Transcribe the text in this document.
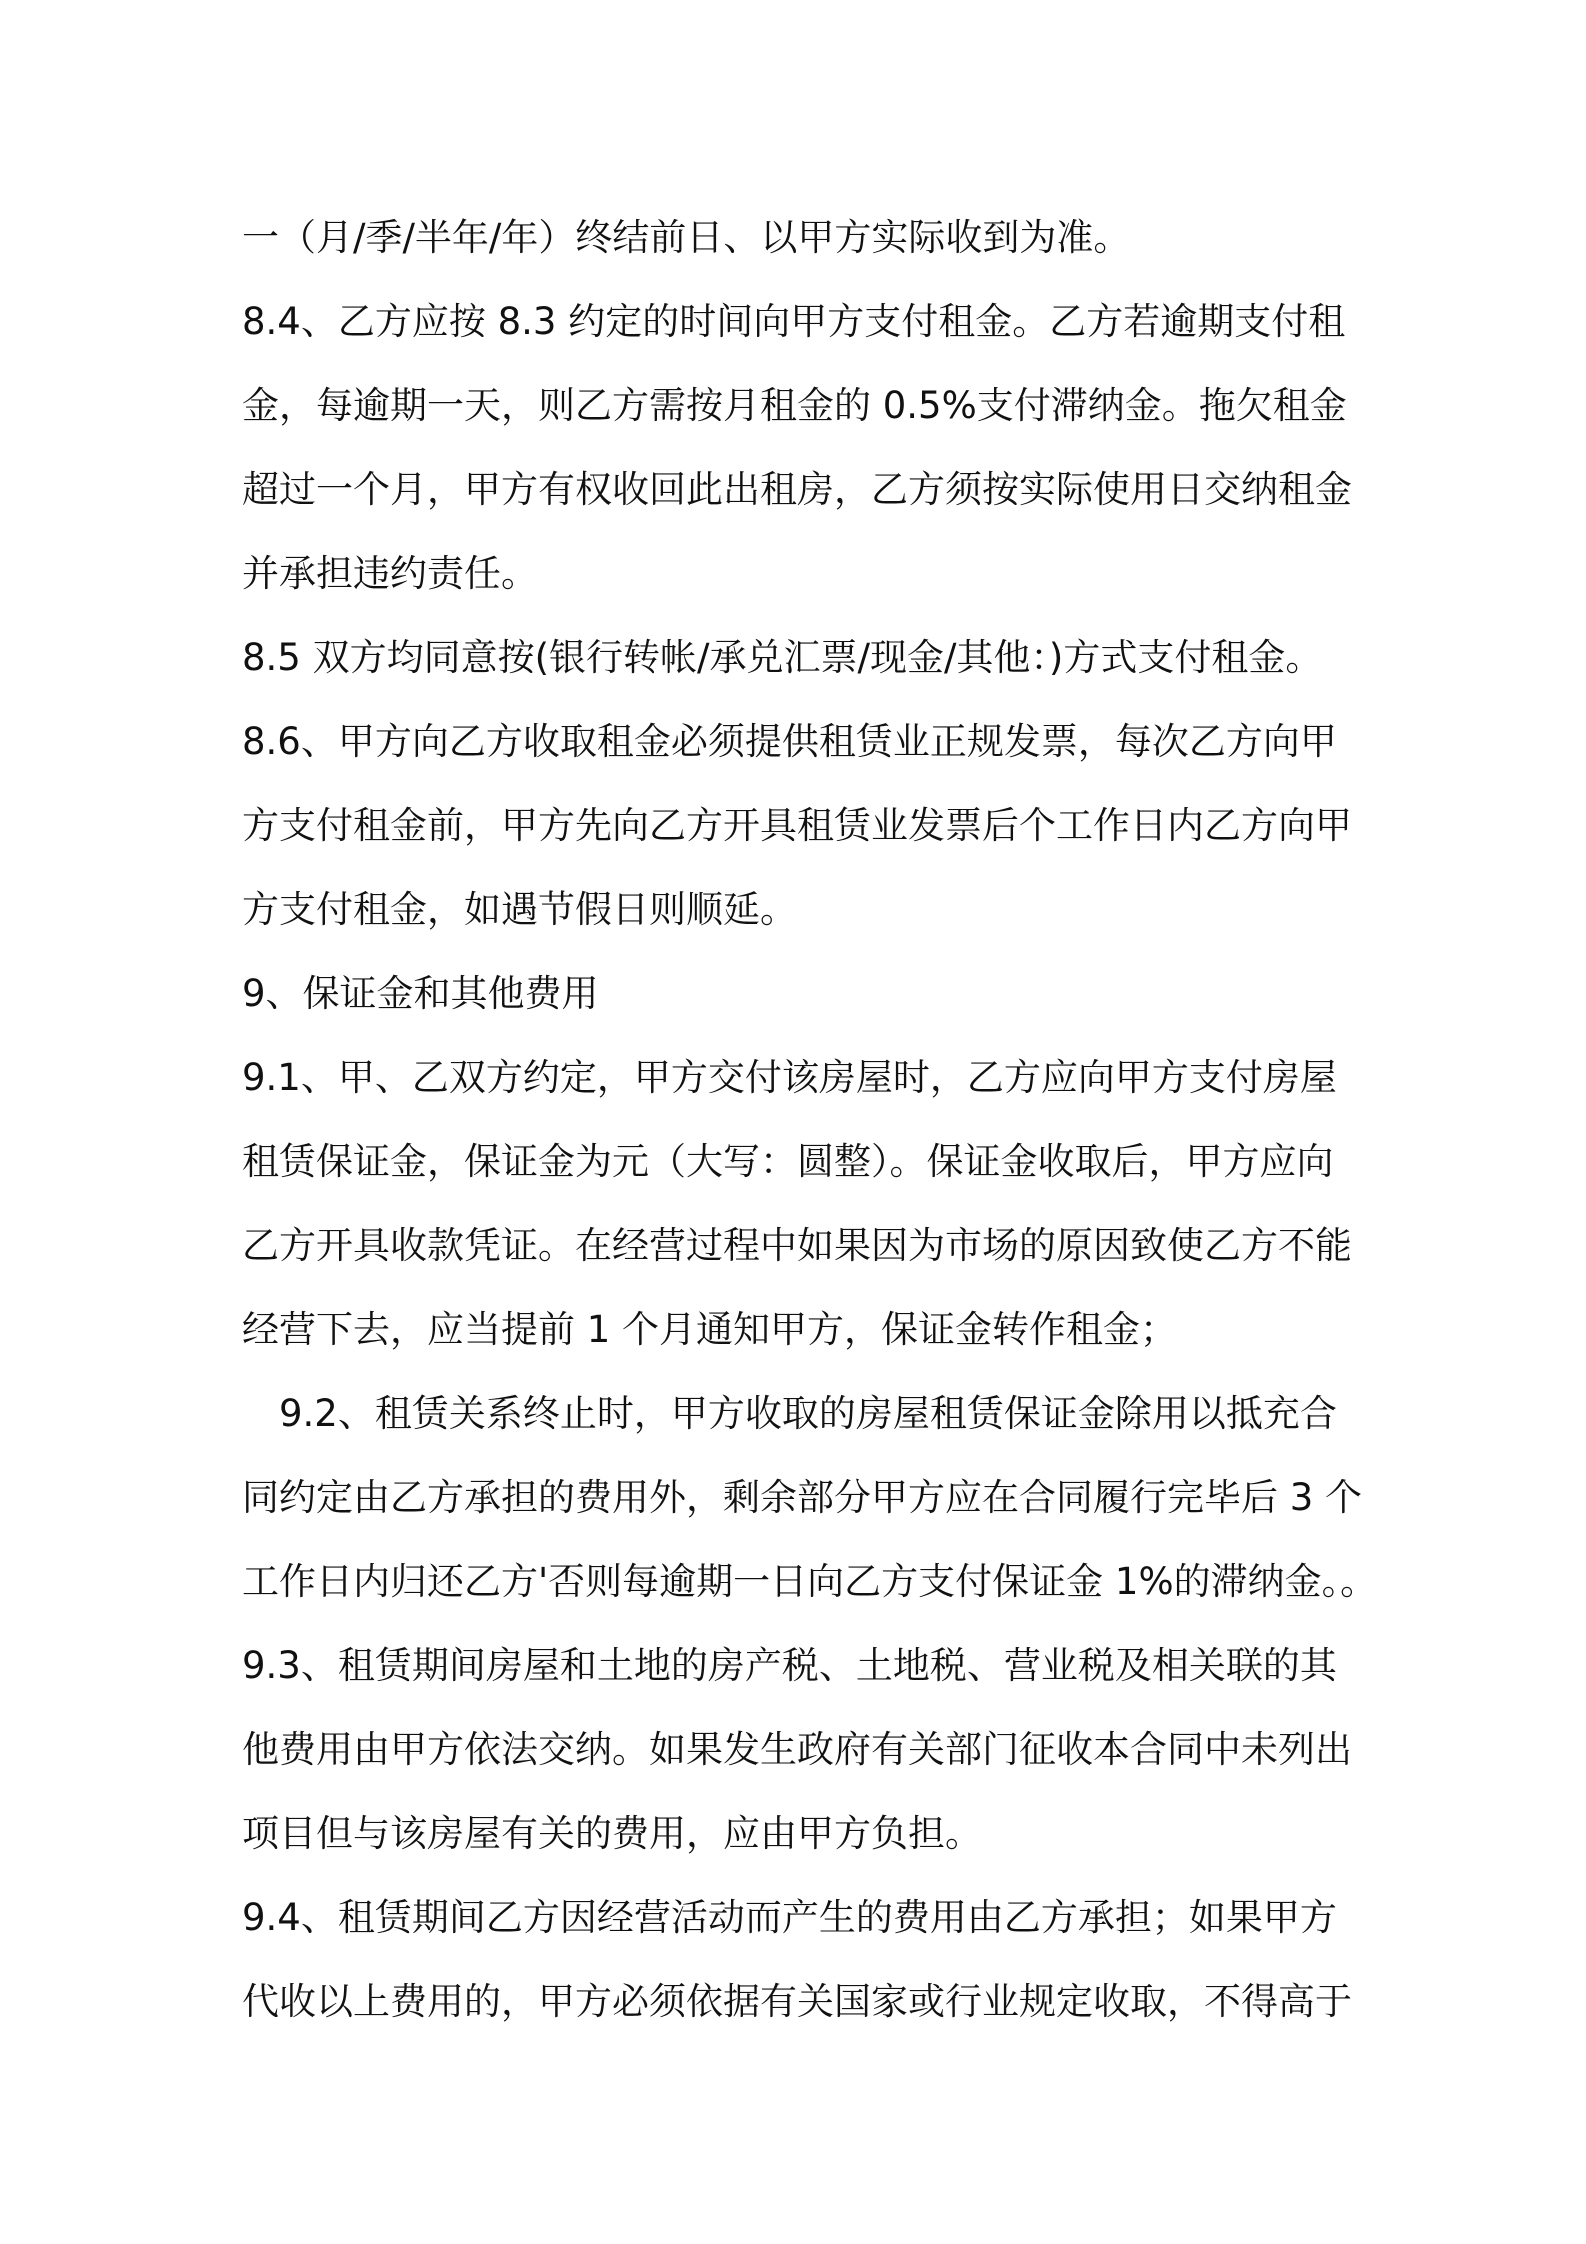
一（月/季/半年/年）终结前日、以甲方实际收到为准。
8.4、乙方应按 8.3 约定的时间向甲方支付租金。乙方若逾期支付租
金，每逾期一天，则乙方需按月租金的 0.5%支付滞纳金。拖欠租金
超过一个月，甲方有权收回此出租房，乙方须按实际使用日交纳租金
并承担违约责任。
8.5 双方均同意按(银行转帐/承兑汇票/现金/其他：)方式支付租金。
8.6、甲方向乙方收取租金必须提供租赁业正规发票，每次乙方向甲
方支付租金前，甲方先向乙方开具租赁业发票后个工作日内乙方向甲
方支付租金，如遇节假日则顺延。
9、保证金和其他费用
9.1、甲、乙双方约定，甲方交付该房屋时，乙方应向甲方支付房屋
租赁保证金，保证金为元（大写：圆整）。保证金收取后，甲方应向
乙方开具收款凭证。在经营过程中如果因为市场的原因致使乙方不能
经营下去，应当提前 1 个月通知甲方，保证金转作租金；
9.2、租赁关系终止时，甲方收取的房屋租赁保证金除用以抵充合
同约定由乙方承担的费用外，剩余部分甲方应在合同履行完毕后 3 个
工作日内归还乙方'否则每逾期一日向乙方支付保证金 1%的滞纳金。。
9.3、租赁期间房屋和土地的房产税、土地税、营业税及相关联的其
他费用由甲方依法交纳。如果发生政府有关部门征收本合同中未列出
项目但与该房屋有关的费用，应由甲方负担。
9.4、租赁期间乙方因经营活动而产生的费用由乙方承担；如果甲方
代收以上费用的，甲方必须依据有关国家或行业规定收取，不得高于
